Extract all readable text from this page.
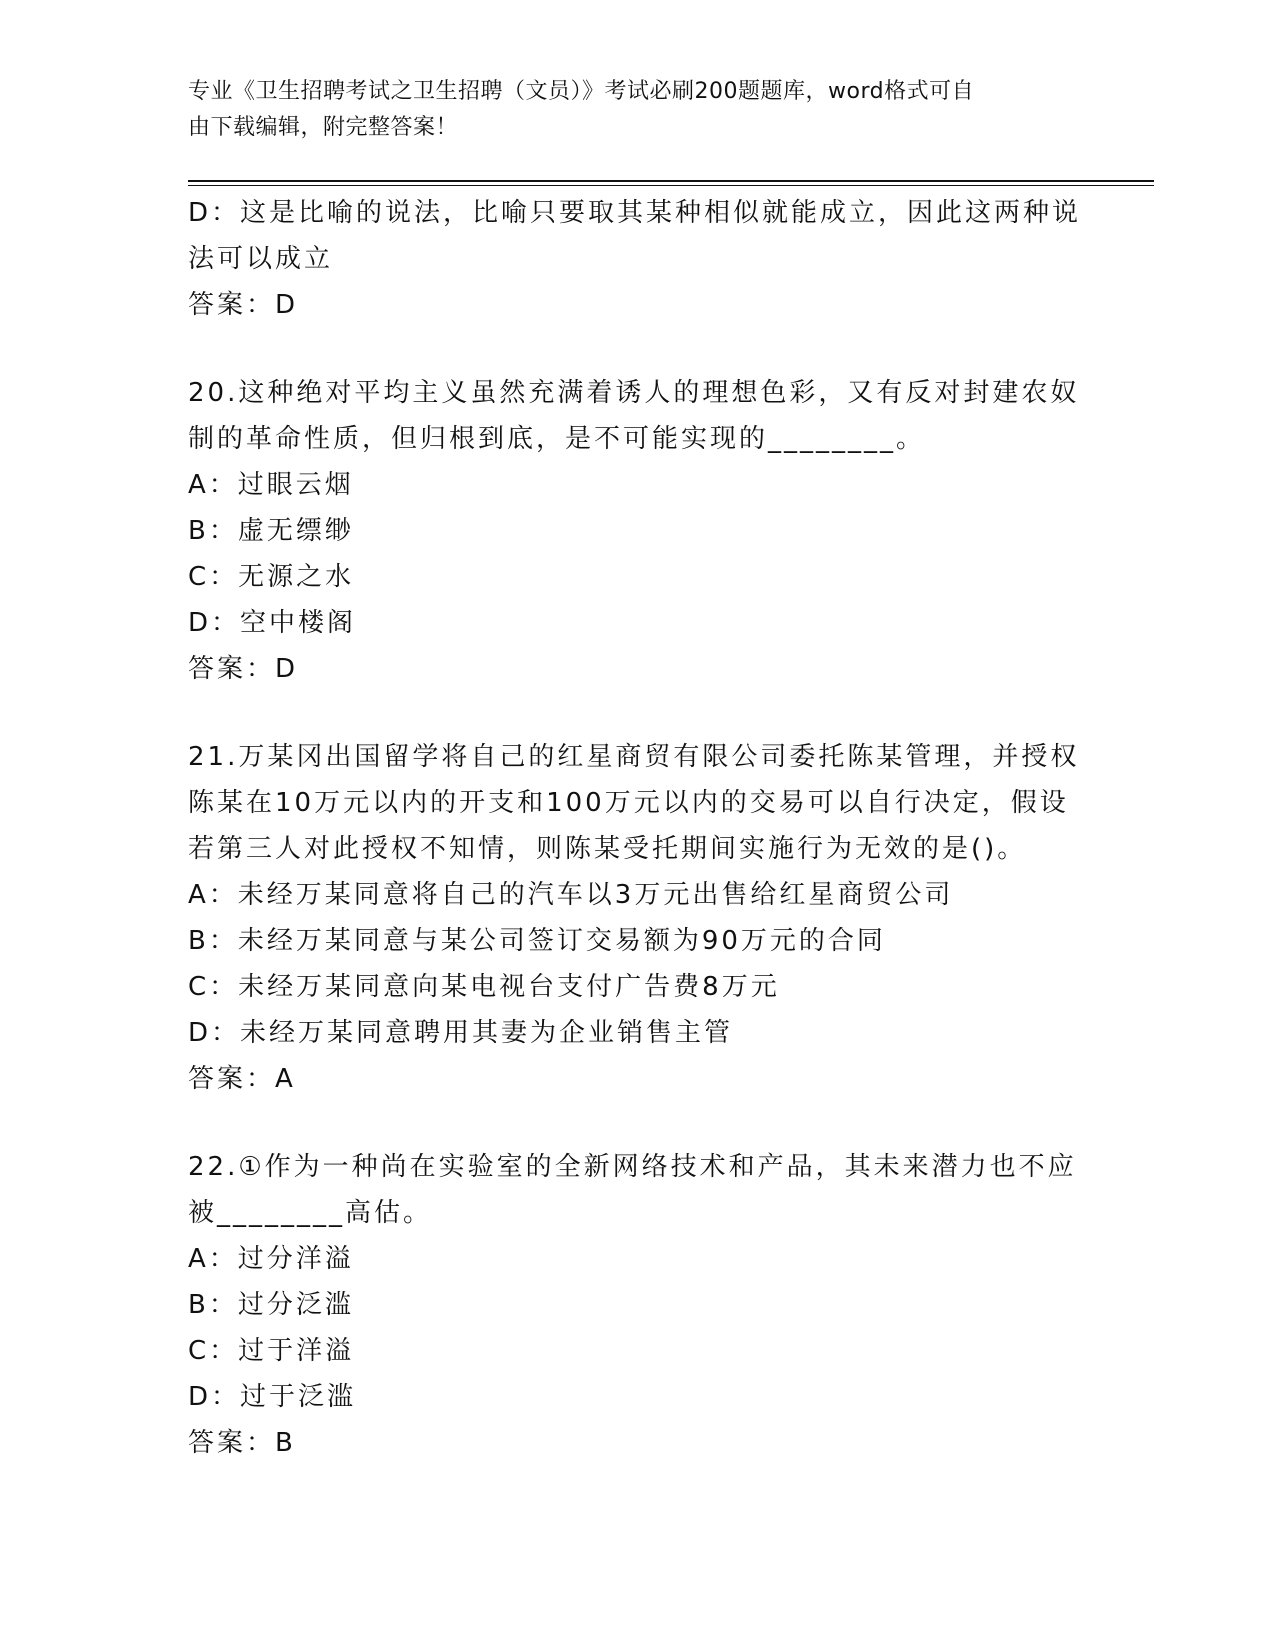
专业《卫生招聘考试之卫生招聘（文员）》考试必刷200题题库，word格式可自
由下载编辑，附完整答案！

D：这是比喻的说法，比喻只要取其某种相似就能成立，因此这两种说

法可以成立

答案：D

20.这种绝对平均主义虽然充满着诱人的理想色彩，又有反对封建农奴

制的革命性质，但归根到底，是不可能实现的________。

A：过眼云烟

B：虚无缥缈

C：无源之水

D：空中楼阁

答案：D

21.万某冈出国留学将自己的红星商贸有限公司委托陈某管理，并授权

陈某在10万元以内的开支和100万元以内的交易可以自行决定，假设

若第三人对此授权不知情，则陈某受托期间实施行为无效的是()。

A：未经万某同意将自己的汽车以3万元出售给红星商贸公司

B：未经万某同意与某公司签订交易额为90万元的合同

C：未经万某同意向某电视台支付广告费8万元

D：未经万某同意聘用其妻为企业销售主管

答案：A

22.①作为一种尚在实验室的全新网络技术和产品，其未来潜力也不应

被________高估。

A：过分洋溢

B：过分泛滥

C：过于洋溢

D：过于泛滥

答案：B
